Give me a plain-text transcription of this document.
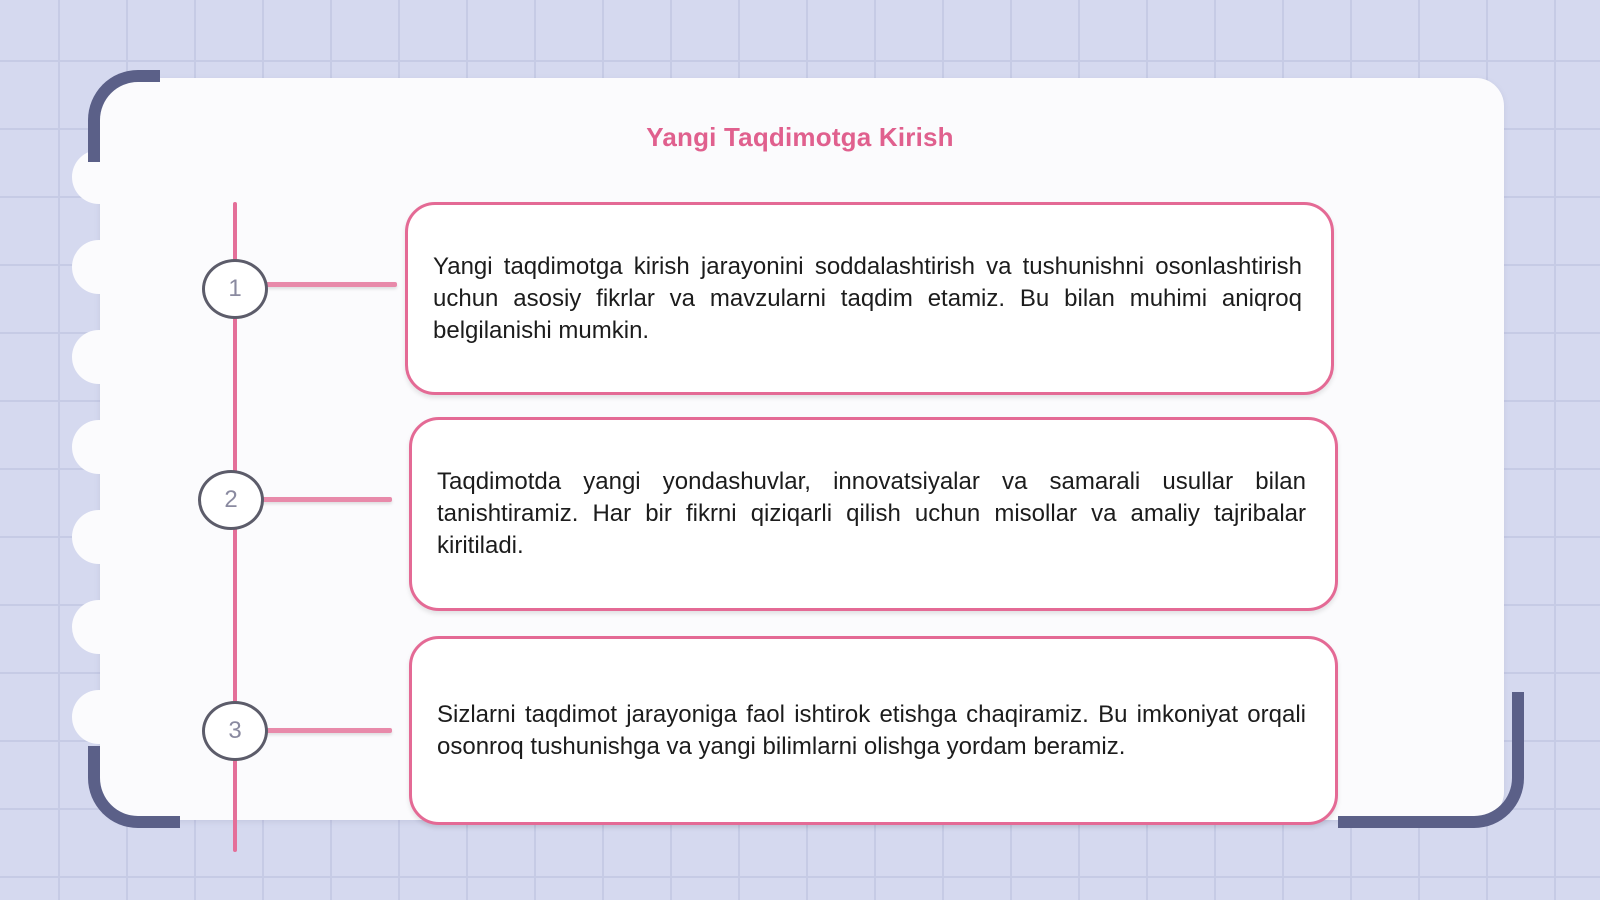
Yangi Taqdimotga Kirish
1
Yangi taqdimotga kirish jarayonini soddalashtirish va tushunishni osonlashtirish uchun asosiy fikrlar va mavzularni taqdim etamiz. Bu bilan muhimi aniqroq belgilanishi mumkin.
2
Taqdimotda yangi yondashuvlar, innovatsiyalar va samarali usullar bilan tanishtiramiz. Har bir fikrni qiziqarli qilish uchun misollar va amaliy tajribalar kiritiladi.
3
Sizlarni taqdimot jarayoniga faol ishtirok etishga chaqiramiz. Bu imkoniyat orqali osonroq tushunishga va yangi bilimlarni olishga yordam beramiz.
